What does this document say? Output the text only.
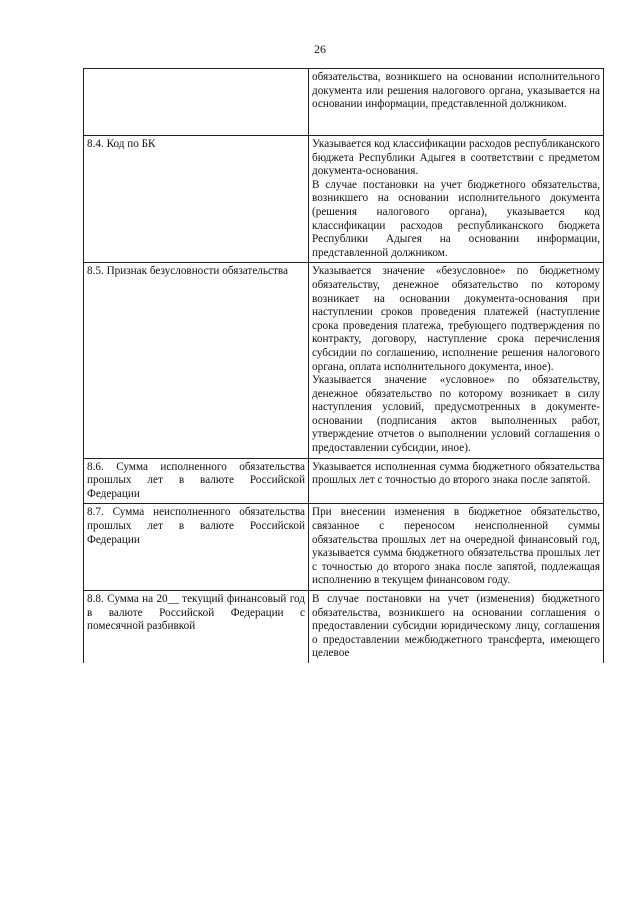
26

	обязательства, возникшего на основании исполнительного документа или решения налогового органа, указывается на основании информации, представленной должником.

8.4. Код по БК	Указывается код классификации расходов республиканского бюджета Республики Адыгея в соответствии с предметом документа-основания.
В случае постановки на учет бюджетного обязательства, возникшего на основании исполнительного документа (решения налогового органа), указывается код классификации расходов республиканского бюджета Республики Адыгея на основании информации, представленной должником.

8.5. Признак безусловности обязательства	Указывается значение «безусловное» по бюджетному обязательству, денежное обязательство по которому возникает на основании документа-основания при наступлении сроков проведения платежей (наступление срока проведения платежа, требующего подтверждения по контракту, договору, наступление срока перечисления субсидии по соглашению, исполнение решения налогового органа, оплата исполнительного документа, иное).
Указывается значение «условное» по обязательству, денежное обязательство по которому возникает в силу наступления условий, предусмотренных в документе-основании (подписания актов выполненных работ, утверждение отчетов о выполнении условий соглашения о предоставлении субсидии, иное).

8.6. Сумма исполненного обязательства прошлых лет в валюте Российской Федерации	Указывается исполненная сумма бюджетного обязательства прошлых лет с точностью до второго знака после запятой.

8.7. Сумма неисполненного обязательства прошлых лет в валюте Российской Федерации	При внесении изменения в бюджетное обязательство, связанное с переносом неисполненной суммы обязательства прошлых лет на очередной финансовый год, указывается сумма бюджетного обязательства прошлых лет с точностью до второго знака после запятой, подлежащая исполнению в текущем финансовом году.

8.8. Сумма на 20__ текущий финансовый год в валюте Российской Федерации с помесячной разбивкой	В случае постановки на учет (изменения) бюджетного обязательства, возникшего на основании соглашения о предоставлении субсидии юридическому лицу, соглашения о предоставлении межбюджетного трансферта, имеющего целевое
